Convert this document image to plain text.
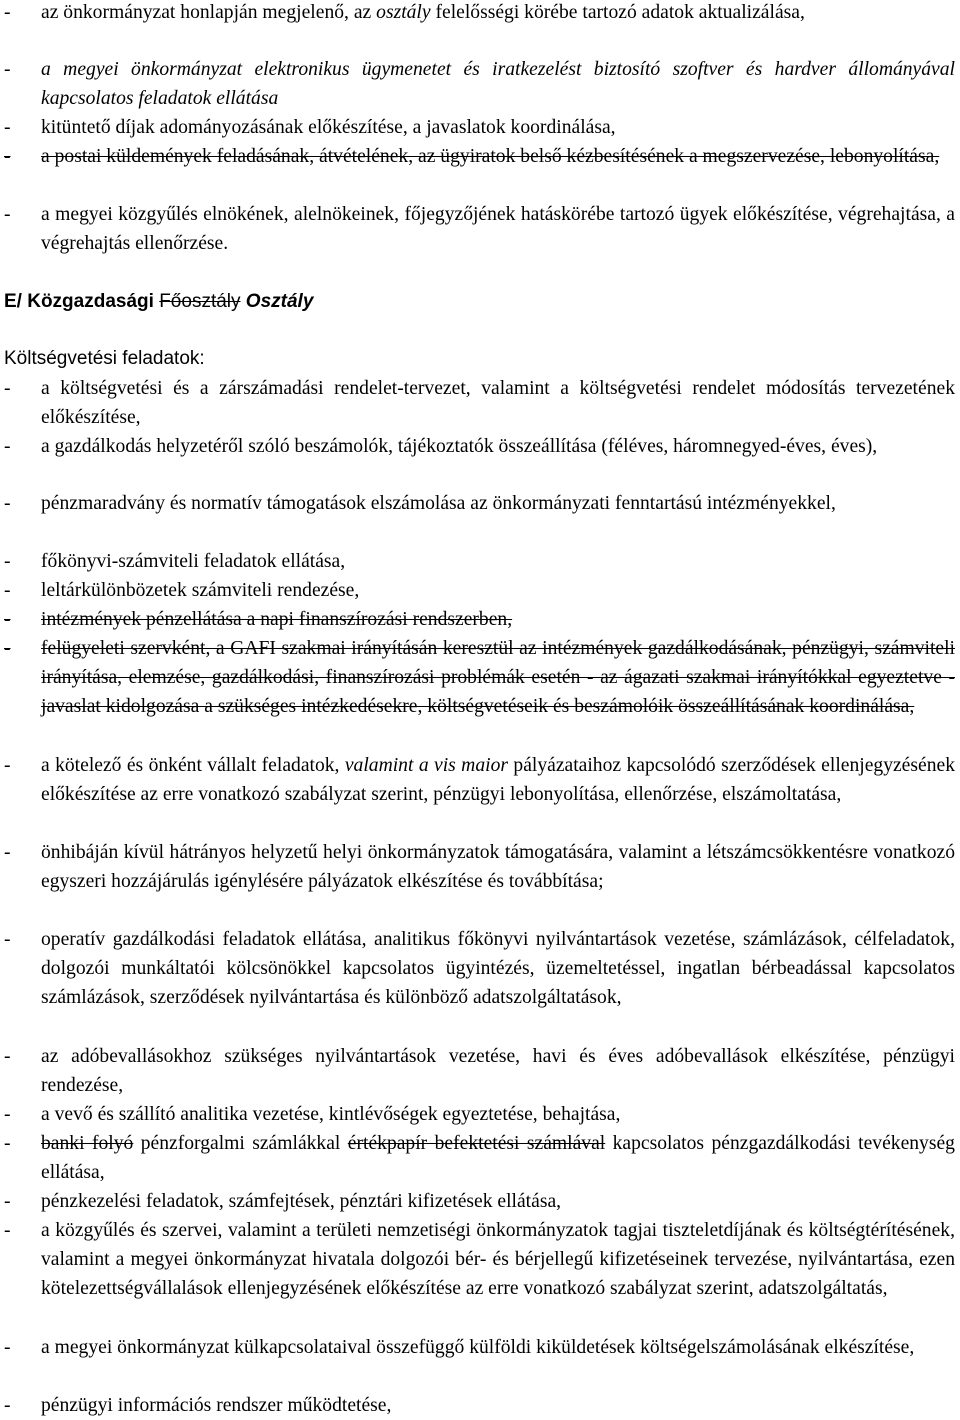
- az önkormányzat honlapján megjelenő, az osztály felelősségi körébe tartozó adatok aktualizálása,
- a megyei önkormányzat elektronikus ügymenetet és iratkezelést biztosító szoftver és hardver állományával kapcsolatos feladatok ellátása
- kitüntető díjak adományozásának előkészítése, a javaslatok koordinálása,
- a postai küldemények feladásának, átvételének, az ügyiratok belső kézbesítésének a megszervezése, lebonyolítása,
- a megyei közgyűlés elnökének, alelnökeinek, főjegyzőjének hatáskörébe tartozó ügyek előkészítése, végrehajtása, a végrehajtás ellenőrzése.
E/ Közgazdasági Főosztály Osztály
Költségvetési feladatok:
- a költségvetési és a zárszámadási rendelet-tervezet, valamint a költségvetési rendelet módosítás tervezetének előkészítése,
- a gazdálkodás helyzetéről szóló beszámolók, tájékoztatók összeállítása (féléves, háromnegyed-éves, éves),
- pénzmaradvány és normatív támogatások elszámolása az önkormányzati fenntartású intézményekkel,
- főkönyvi-számviteli feladatok ellátása,
- leltárkülönbözetek számviteli rendezése,
- intézmények pénzellátása a napi finanszírozási rendszerben,
- felügyeleti szervként, a GAFI szakmai irányításán keresztül az intézmények gazdálkodásának, pénzügyi, számviteli irányítása, elemzése, gazdálkodási, finanszírozási problémák esetén - az ágazati szakmai irányítókkal egyeztetve - javaslat kidolgozása a szükséges intézkedésekre, költségvetéseik és beszámolóik összeállításának koordinálása,
- a kötelező és önként vállalt feladatok, valamint a vis maior pályázataihoz kapcsolódó szerződések ellenjegyzésének előkészítése az erre vonatkozó szabályzat szerint, pénzügyi lebonyolítása, ellenőrzése, elszámoltatása,
- önhibáján kívül hátrányos helyzetű helyi önkormányzatok támogatására, valamint a létszámcsökkentésre vonatkozó egyszeri hozzájárulás igénylésére pályázatok elkészítése és továbbítása;
- operatív gazdálkodási feladatok ellátása, analitikus főkönyvi nyilvántartások vezetése, számlázások, célfeladatok, dolgozói munkáltatói kölcsönökkel kapcsolatos ügyintézés, üzemeltetéssel, ingatlan bérbeadással kapcsolatos számlázások, szerződések nyilvántartása és különböző adatszolgáltatások,
- az adóbevallásokhoz szükséges nyilvántartások vezetése, havi és éves adóbevallások elkészítése, pénzügyi rendezése,
- a vevő és szállító analitika vezetése, kintlévőségek egyeztetése, behajtása,
- banki folyó pénzforgalmi számlákkal értékpapír befektetési számlával kapcsolatos pénzgazdálkodási tevékenység ellátása,
- pénzkezelési feladatok, számfejtések, pénztári kifizetések ellátása,
- a közgyűlés és szervei, valamint a területi nemzetiségi önkormányzatok tagjai tiszteletdíjának és költségtérítésének, valamint a megyei önkormányzat hivatala dolgozói bér- és bérjellegű kifizetéseinek tervezése, nyilvántartása, ezen kötelezettségvállalások ellenjegyzésének előkészítése az erre vonatkozó szabályzat szerint, adatszolgáltatás,
- a megyei önkormányzat külkapcsolataival összefüggő külföldi kiküldetések költségelszámolásának elkészítése,
- pénzügyi információs rendszer működtetése,
